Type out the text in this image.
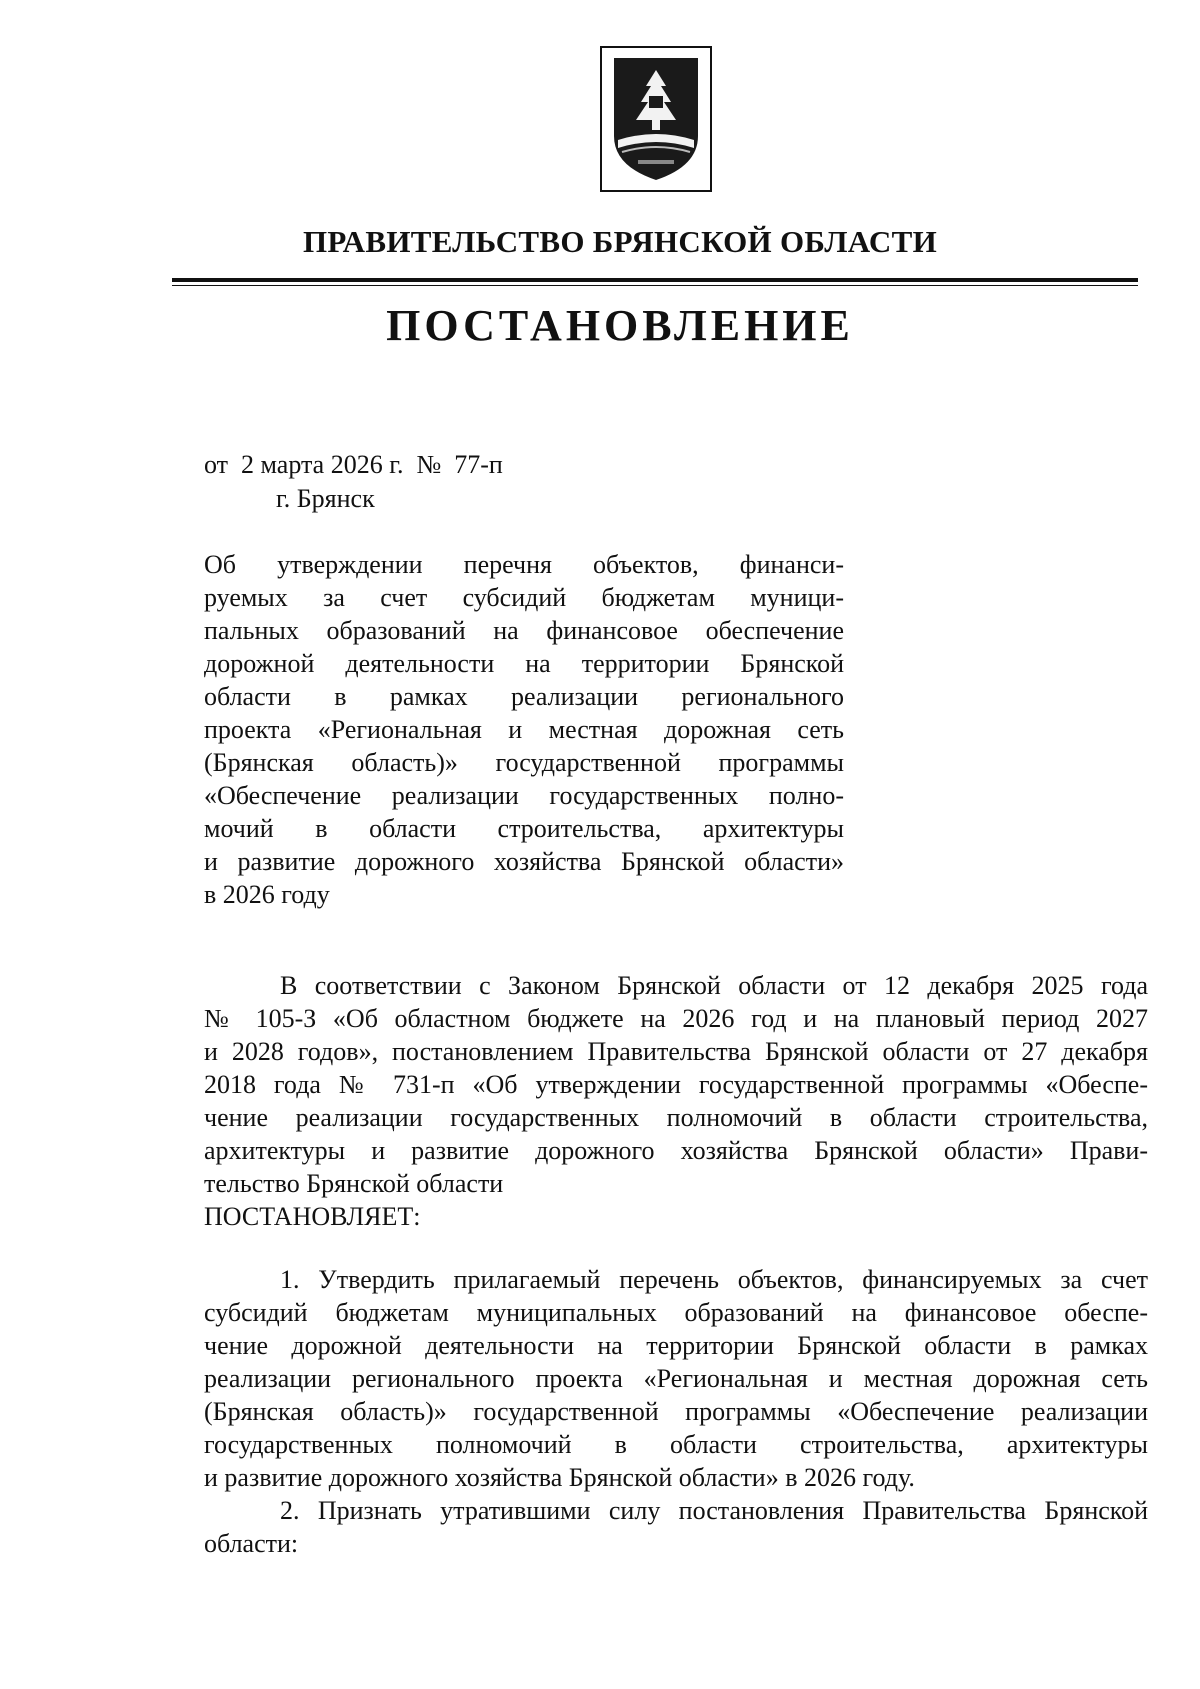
ПРАВИТЕЛЬСТВО БРЯНСКОЙ ОБЛАСТИ
ПОСТАНОВЛЕНИЕ
от  2 марта 2026 г.  №  77-п
г. Брянск
Об утверждении перечня объектов, финанси-
руемых за счет субсидий бюджетам муници-
пальных образований на финансовое обеспечение
дорожной деятельности на территории Брянской
области в рамках реализации регионального
проекта «Региональная и местная дорожная сеть
(Брянская область)» государственной программы
«Обеспечение реализации государственных полно-
мочий в области строительства, архитектуры
и развитие дорожного хозяйства Брянской области»
в 2026 году
В соответствии с Законом Брянской области от 12 декабря 2025 года
№ 105-З «Об областном бюджете на 2026 год и на плановый период 2027
и 2028 годов», постановлением Правительства Брянской области от 27 декабря
2018 года № 731-п «Об утверждении государственной программы «Обеспе-
чение реализации государственных полномочий в области строительства,
архитектуры и развитие дорожного хозяйства Брянской области» Прави-
тельство Брянской области
ПОСТАНОВЛЯЕТ:
1. Утвердить прилагаемый перечень объектов, финансируемых за счет
субсидий бюджетам муниципальных образований на финансовое обеспе-
чение дорожной деятельности на территории Брянской области в рамках
реализации регионального проекта «Региональная и местная дорожная сеть
(Брянская область)» государственной программы «Обеспечение реализации
государственных полномочий в области строительства, архитектуры
и развитие дорожного хозяйства Брянской области» в 2026 году.
2. Признать утратившими силу постановления Правительства Брянской
области:
